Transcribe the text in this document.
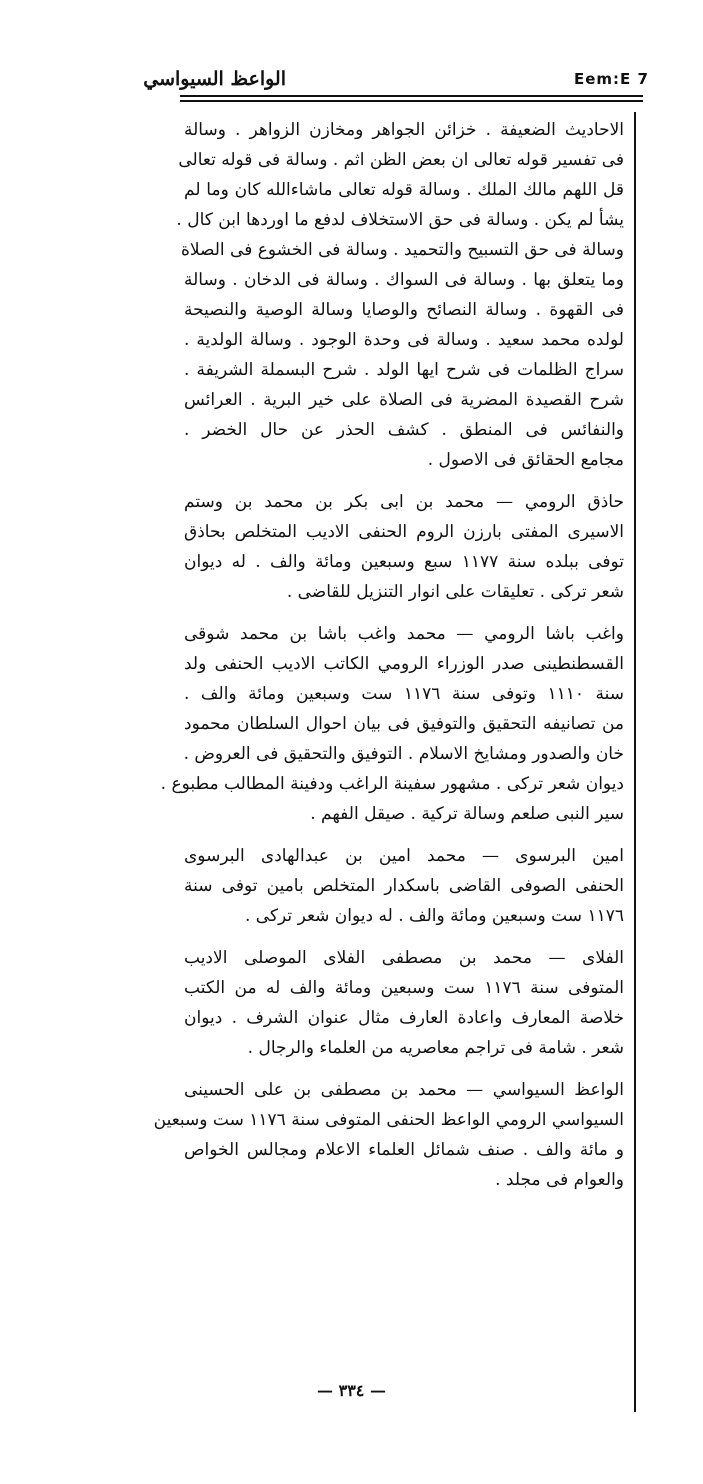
الواعظ السيواسي	Eem:E 7
الاحاديث الضعيفة . خزائن الجواهر ومخازن الزواهر . وسالة
فى تفسير قوله تعالى ان بعض الظن اثم . وسالة فى قوله تعالى
قل اللهم مالك الملك . وسالة قوله تعالى ماشاءالله كان وما لم
يشأ لم يكن . وسالة فى حق الاستخلاف لدفع ما اوردها ابن كال .
وسالة فى حق التسبيح والتحميد . وسالة فى الخشوع فى الصلاة
وما يتعلق بها . وسالة فى السواك . وسالة فى الدخان . وسالة
فى القهوة . وسالة النصائح والوصايا وسالة الوصية والنصيحة
لولده محمد سعيد . وسالة فى وحدة الوجود . وسالة الولدية .
سراج الظلمات فى شرح ايها الولد . شرح البسملة الشريفة .
شرح القصيدة المضرية فى الصلاة على خير البرية . العرائس
والنفائس فى المنطق . كشف الحذر عن حال الخضر .
مجامع الحقائق فى الاصول .
حاذق الرومي — محمد بن ابى بكر بن محمد بن وستم
الاسيرى المفتى بارزن الروم الحنفى الاديب المتخلص بحاذق
توفى ببلده سنة ١١٧٧ سبع وسبعين ومائة والف . له ديوان
شعر تركى . تعليقات على انوار التنزيل للقاضى .
واغب باشا الرومي — محمد واغب باشا بن محمد شوقى
القسطنطينى صدر الوزراء الرومي الكاتب الاديب الحنفى ولد
سنة ١١١٠ وتوفى سنة ١١٧٦ ست وسبعين ومائة والف .
من تصانيفه التحقيق والتوفيق فى بيان احوال السلطان محمود
خان والصدور ومشايخ الاسلام . التوفيق والتحقيق فى العروض .
ديوان شعر تركى . مشهور سفينة الراغب ودفينة المطالب مطبوع .
سير النبى صلعم وسالة تركية . صيقل الفهم .
امين البرسوى — محمد امين بن عبدالهادى البرسوى
الحنفى الصوفى القاضى باسكدار المتخلص بامين توفى سنة
١١٧٦ ست وسبعين ومائة والف . له ديوان شعر تركى .
الفلاى — محمد بن مصطفى الفلاى الموصلى الاديب
المتوفى سنة ١١٧٦ ست وسبعين ومائة والف له من الكتب
خلاصة المعارف واعادة العارف مثال عنوان الشرف . ديوان
شعر . شامة فى تراجم معاصريه من العلماء والرجال .
الواعظ السيواسي — محمد بن مصطفى بن على الحسينى
السيواسي الرومي الواعظ الحنفى المتوفى سنة ١١٧٦ ست وسبعين
و مائة والف . صنف شمائل العلماء الاعلام ومجالس الخواص
والعوام فى مجلد .
— ٣٣٤ —
